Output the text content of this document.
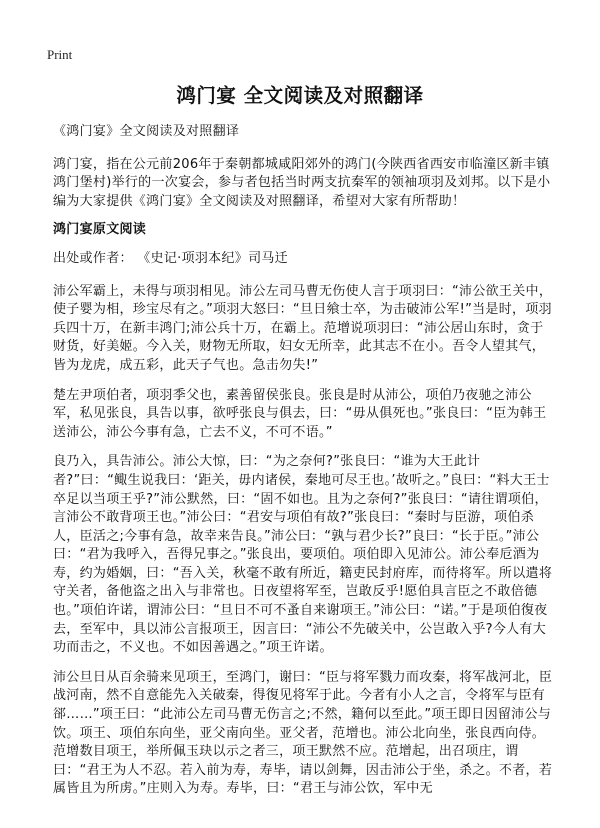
Print
鸿门宴 全文阅读及对照翻译

《鸿门宴》全文阅读及对照翻译

鸿门宴，指在公元前206年于秦朝都城咸阳郊外的鸿门(今陕西省西安市临潼区新丰镇鸿门堡村)举行的一次宴会，参与者包括当时两支抗秦军的领袖项羽及刘邦。以下是小编为大家提供《鸿门宴》全文阅读及对照翻译，希望对大家有所帮助！

鸿门宴原文阅读

出处或作者： 《史记·项羽本纪》司马迁

沛公军霸上，未得与项羽相见。沛公左司马曹无伤使人言于项羽曰：“沛公欲王关中，使子婴为相，珍宝尽有之。”项羽大怒曰：“旦日飨士卒，为击破沛公军!”当是时，项羽兵四十万，在新丰鸿门;沛公兵十万，在霸上。范增说项羽曰：“沛公居山东时，贪于财货，好美姬。今入关，财物无所取，妇女无所幸，此其志不在小。吾令人望其气，皆为龙虎，成五彩，此天子气也。急击勿失!”

楚左尹项伯者，项羽季父也，素善留侯张良。张良是时从沛公，项伯乃夜驰之沛公军，私见张良，具告以事，欲呼张良与俱去，曰：“毋从俱死也。”张良曰：“臣为韩王送沛公，沛公今事有急，亡去不义，不可不语。”

良乃入，具告沛公。沛公大惊，曰：“为之奈何?”张良曰：“谁为大王此计者?”曰：“鲰生说我曰：‘距关，毋内诸侯，秦地可尽王也。’故听之。”良曰：“料大王士卒足以当项王乎?”沛公默然，曰：“固不如也。且为之奈何?”张良曰：“请往谓项伯，言沛公不敢背项王也。”沛公曰：“君安与项伯有故?”张良曰：“秦时与臣游，项伯杀人，臣活之;今事有急，故幸来告良。”沛公曰：“孰与君少长?”良曰：“长于臣。”沛公曰：“君为我呼入，吾得兄事之。”张良出，要项伯。项伯即入见沛公。沛公奉卮酒为寿，约为婚姻，曰：“吾入关，秋毫不敢有所近，籍吏民封府库，而待将军。所以遣将守关者，备他盗之出入与非常也。日夜望将军至，岂敢反乎!愿伯具言臣之不敢倍德也。”项伯许诺，谓沛公曰：“旦日不可不蚤自来谢项王。”沛公曰：“诺。”于是项伯復夜去，至军中，具以沛公言报项王，因言曰：“沛公不先破关中，公岂敢入乎?今人有大功而击之，不义也。不如因善遇之。”项王许诺。

沛公旦日从百余骑来见项王，至鸿门，谢曰：“臣与将军戮力而攻秦，将军战河北，臣战河南，然不自意能先入关破秦，得復见将军于此。今者有小人之言，令将军与臣有郤……”项王曰：“此沛公左司马曹无伤言之;不然，籍何以至此。”项王即日因留沛公与饮。项王、项伯东向坐，亚父南向坐。亚父者，范增也。沛公北向坐，张良西向侍。范增数目项王，举所佩玉玦以示之者三，项王默然不应。范增起，出召项庄，谓曰：“君王为人不忍。若入前为寿，寿毕，请以剑舞，因击沛公于坐，杀之。不者，若属皆且为所虏。”庄则入为寿。寿毕，曰：“君王与沛公饮，军中无
